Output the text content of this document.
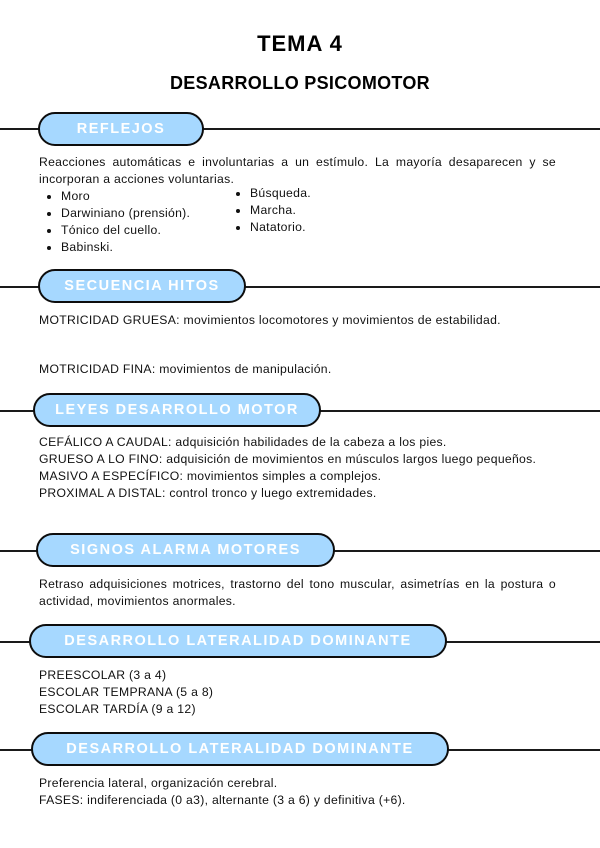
TEMA 4
DESARROLLO PSICOMOTOR
REFLEJOS

Reacciones automáticas e involuntarias a un estímulo. La mayoría desaparecen y se incorporan a acciones voluntarias.

• Moro
• Darwiniano (prensión).
• Tónico del cuello.
• Babinski.
• Búsqueda.
• Marcha.
• Natatorio.
SECUENCIA HITOS

MOTRICIDAD GRUESA: movimientos locomotores y movimientos de estabilidad.

MOTRICIDAD FINA: movimientos de manipulación.

LEYES DESARROLLO MOTOR
CEFÁLICO A CAUDAL: adquisición habilidades de la cabeza a los pies.
GRUESO A LO FINO: adquisición de movimientos en músculos largos luego pequeños.
MASIVO A ESPECÍFICO: movimientos simples a complejos.
PROXIMAL A DISTAL: control tronco y luego extremidades.
SIGNOS ALARMA MOTORES

Retraso adquisiciones motrices, trastorno del tono muscular, asimetrías en la postura o actividad, movimientos anormales.

DESARROLLO LATERALIDAD DOMINANTE
PREESCOLAR (3 a 4)
ESCOLAR TEMPRANA (5 a 8)
ESCOLAR TARDÍA (9 a 12)
DESARROLLO LATERALIDAD DOMINANTE
Preferencia lateral, organización cerebral.
FASES: indiferenciada (0 a3), alternante (3 a 6) y definitiva (+6).
